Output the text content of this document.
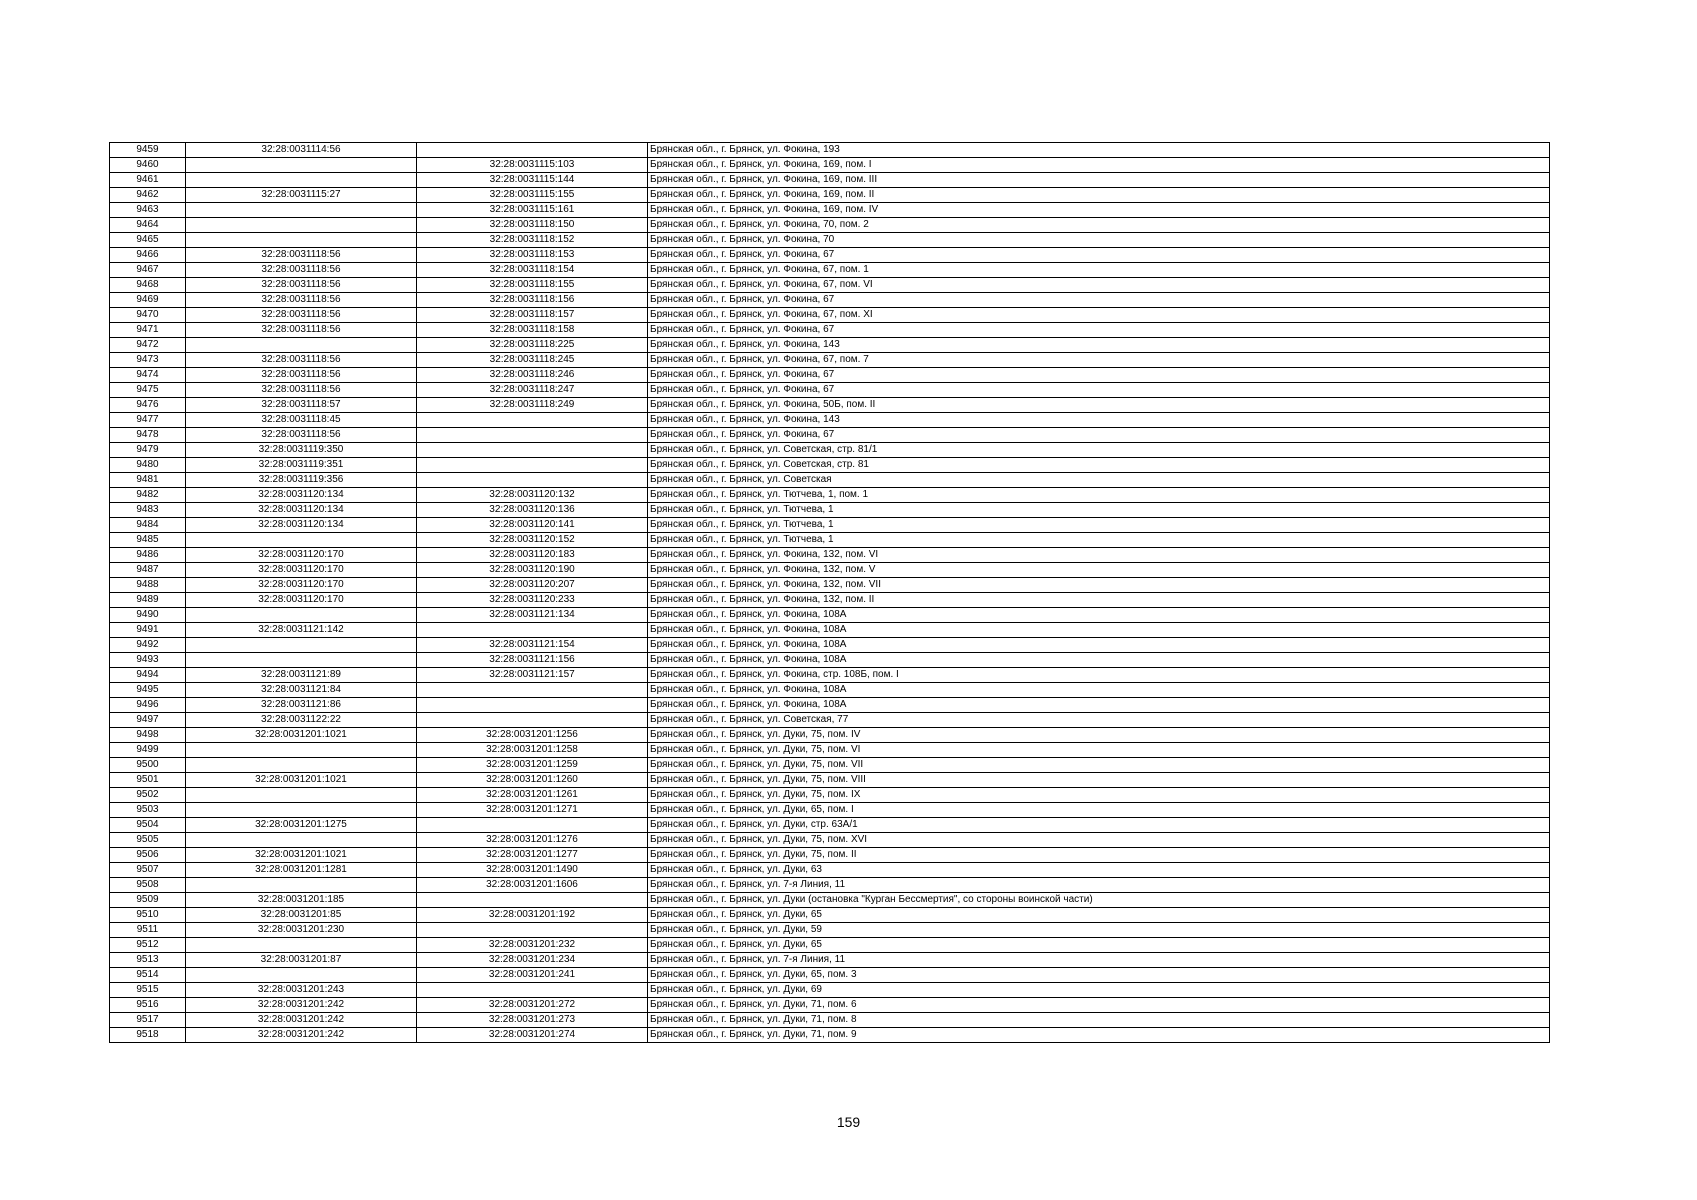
9459	32:28:0031114:56		Брянская обл., г. Брянск, ул. Фокина, 193
9460		32:28:0031115:103	Брянская обл., г. Брянск, ул. Фокина, 169, пом. I
9461		32:28:0031115:144	Брянская обл., г. Брянск, ул. Фокина, 169, пом. III
9462	32:28:0031115:27	32:28:0031115:155	Брянская обл., г. Брянск, ул. Фокина, 169, пом. II
9463		32:28:0031115:161	Брянская обл., г. Брянск, ул. Фокина, 169, пом. IV
9464		32:28:0031118:150	Брянская обл., г. Брянск, ул. Фокина, 70, пом. 2
9465		32:28:0031118:152	Брянская обл., г. Брянск, ул. Фокина, 70
9466	32:28:0031118:56	32:28:0031118:153	Брянская обл., г. Брянск, ул. Фокина, 67
9467	32:28:0031118:56	32:28:0031118:154	Брянская обл., г. Брянск, ул. Фокина, 67, пом. 1
9468	32:28:0031118:56	32:28:0031118:155	Брянская обл., г. Брянск, ул. Фокина, 67, пом. VI
9469	32:28:0031118:56	32:28:0031118:156	Брянская обл., г. Брянск, ул. Фокина, 67
9470	32:28:0031118:56	32:28:0031118:157	Брянская обл., г. Брянск, ул. Фокина, 67, пом. XI
9471	32:28:0031118:56	32:28:0031118:158	Брянская обл., г. Брянск, ул. Фокина, 67
9472		32:28:0031118:225	Брянская обл., г. Брянск, ул. Фокина, 143
9473	32:28:0031118:56	32:28:0031118:245	Брянская обл., г. Брянск, ул. Фокина, 67, пом. 7
9474	32:28:0031118:56	32:28:0031118:246	Брянская обл., г. Брянск, ул. Фокина, 67
9475	32:28:0031118:56	32:28:0031118:247	Брянская обл., г. Брянск, ул. Фокина, 67
9476	32:28:0031118:57	32:28:0031118:249	Брянская обл., г. Брянск, ул. Фокина, 50Б, пом. II
9477	32:28:0031118:45		Брянская обл., г. Брянск, ул. Фокина, 143
9478	32:28:0031118:56		Брянская обл., г. Брянск, ул. Фокина, 67
9479	32:28:0031119:350		Брянская обл., г. Брянск, ул. Советская, стр. 81/1
9480	32:28:0031119:351		Брянская обл., г. Брянск, ул. Советская, стр. 81
9481	32:28:0031119:356		Брянская обл., г. Брянск, ул. Советская
9482	32:28:0031120:134	32:28:0031120:132	Брянская обл., г. Брянск, ул. Тютчева, 1, пом. 1
9483	32:28:0031120:134	32:28:0031120:136	Брянская обл., г. Брянск, ул. Тютчева, 1
9484	32:28:0031120:134	32:28:0031120:141	Брянская обл., г. Брянск, ул. Тютчева, 1
9485		32:28:0031120:152	Брянская обл., г. Брянск, ул. Тютчева, 1
9486	32:28:0031120:170	32:28:0031120:183	Брянская обл., г. Брянск, ул. Фокина, 132, пом. VI
9487	32:28:0031120:170	32:28:0031120:190	Брянская обл., г. Брянск, ул. Фокина, 132, пом. V
9488	32:28:0031120:170	32:28:0031120:207	Брянская обл., г. Брянск, ул. Фокина, 132, пом. VII
9489	32:28:0031120:170	32:28:0031120:233	Брянская обл., г. Брянск, ул. Фокина, 132, пом. II
9490		32:28:0031121:134	Брянская обл., г. Брянск, ул. Фокина, 108А
9491	32:28:0031121:142		Брянская обл., г. Брянск, ул. Фокина, 108А
9492		32:28:0031121:154	Брянская обл., г. Брянск, ул. Фокина, 108А
9493		32:28:0031121:156	Брянская обл., г. Брянск, ул. Фокина, 108А
9494	32:28:0031121:89	32:28:0031121:157	Брянская обл., г. Брянск, ул. Фокина, стр. 108Б, пом. I
9495	32:28:0031121:84		Брянская обл., г. Брянск, ул. Фокина, 108А
9496	32:28:0031121:86		Брянская обл., г. Брянск, ул. Фокина, 108А
9497	32:28:0031122:22		Брянская обл., г. Брянск, ул. Советская, 77
9498	32:28:0031201:1021	32:28:0031201:1256	Брянская обл., г. Брянск, ул. Дуки, 75, пом. IV
9499		32:28:0031201:1258	Брянская обл., г. Брянск, ул. Дуки, 75, пом. VI
9500		32:28:0031201:1259	Брянская обл., г. Брянск, ул. Дуки, 75, пом. VII
9501	32:28:0031201:1021	32:28:0031201:1260	Брянская обл., г. Брянск, ул. Дуки, 75, пом. VIII
9502		32:28:0031201:1261	Брянская обл., г. Брянск, ул. Дуки, 75, пом. IX
9503		32:28:0031201:1271	Брянская обл., г. Брянск, ул. Дуки, 65, пом. I
9504	32:28:0031201:1275		Брянская обл., г. Брянск, ул. Дуки, стр. 63А/1
9505		32:28:0031201:1276	Брянская обл., г. Брянск, ул. Дуки, 75, пом. XVI
9506	32:28:0031201:1021	32:28:0031201:1277	Брянская обл., г. Брянск, ул. Дуки, 75, пом. II
9507	32:28:0031201:1281	32:28:0031201:1490	Брянская обл., г. Брянск, ул. Дуки, 63
9508		32:28:0031201:1606	Брянская обл., г. Брянск, ул. 7-я Линия, 11
9509	32:28:0031201:185		Брянская обл., г. Брянск, ул. Дуки (остановка "Курган Бессмертия", со стороны воинской части)
9510	32:28:0031201:85	32:28:0031201:192	Брянская обл., г. Брянск, ул. Дуки, 65
9511	32:28:0031201:230		Брянская обл., г. Брянск, ул. Дуки, 59
9512		32:28:0031201:232	Брянская обл., г. Брянск, ул. Дуки, 65
9513	32:28:0031201:87	32:28:0031201:234	Брянская обл., г. Брянск, ул. 7-я Линия, 11
9514		32:28:0031201:241	Брянская обл., г. Брянск, ул. Дуки, 65, пом. 3
9515	32:28:0031201:243		Брянская обл., г. Брянск, ул. Дуки, 69
9516	32:28:0031201:242	32:28:0031201:272	Брянская обл., г. Брянск, ул. Дуки, 71, пом. 6
9517	32:28:0031201:242	32:28:0031201:273	Брянская обл., г. Брянск, ул. Дуки, 71, пом. 8
9518	32:28:0031201:242	32:28:0031201:274	Брянская обл., г. Брянск, ул. Дуки, 71, пом. 9
159
